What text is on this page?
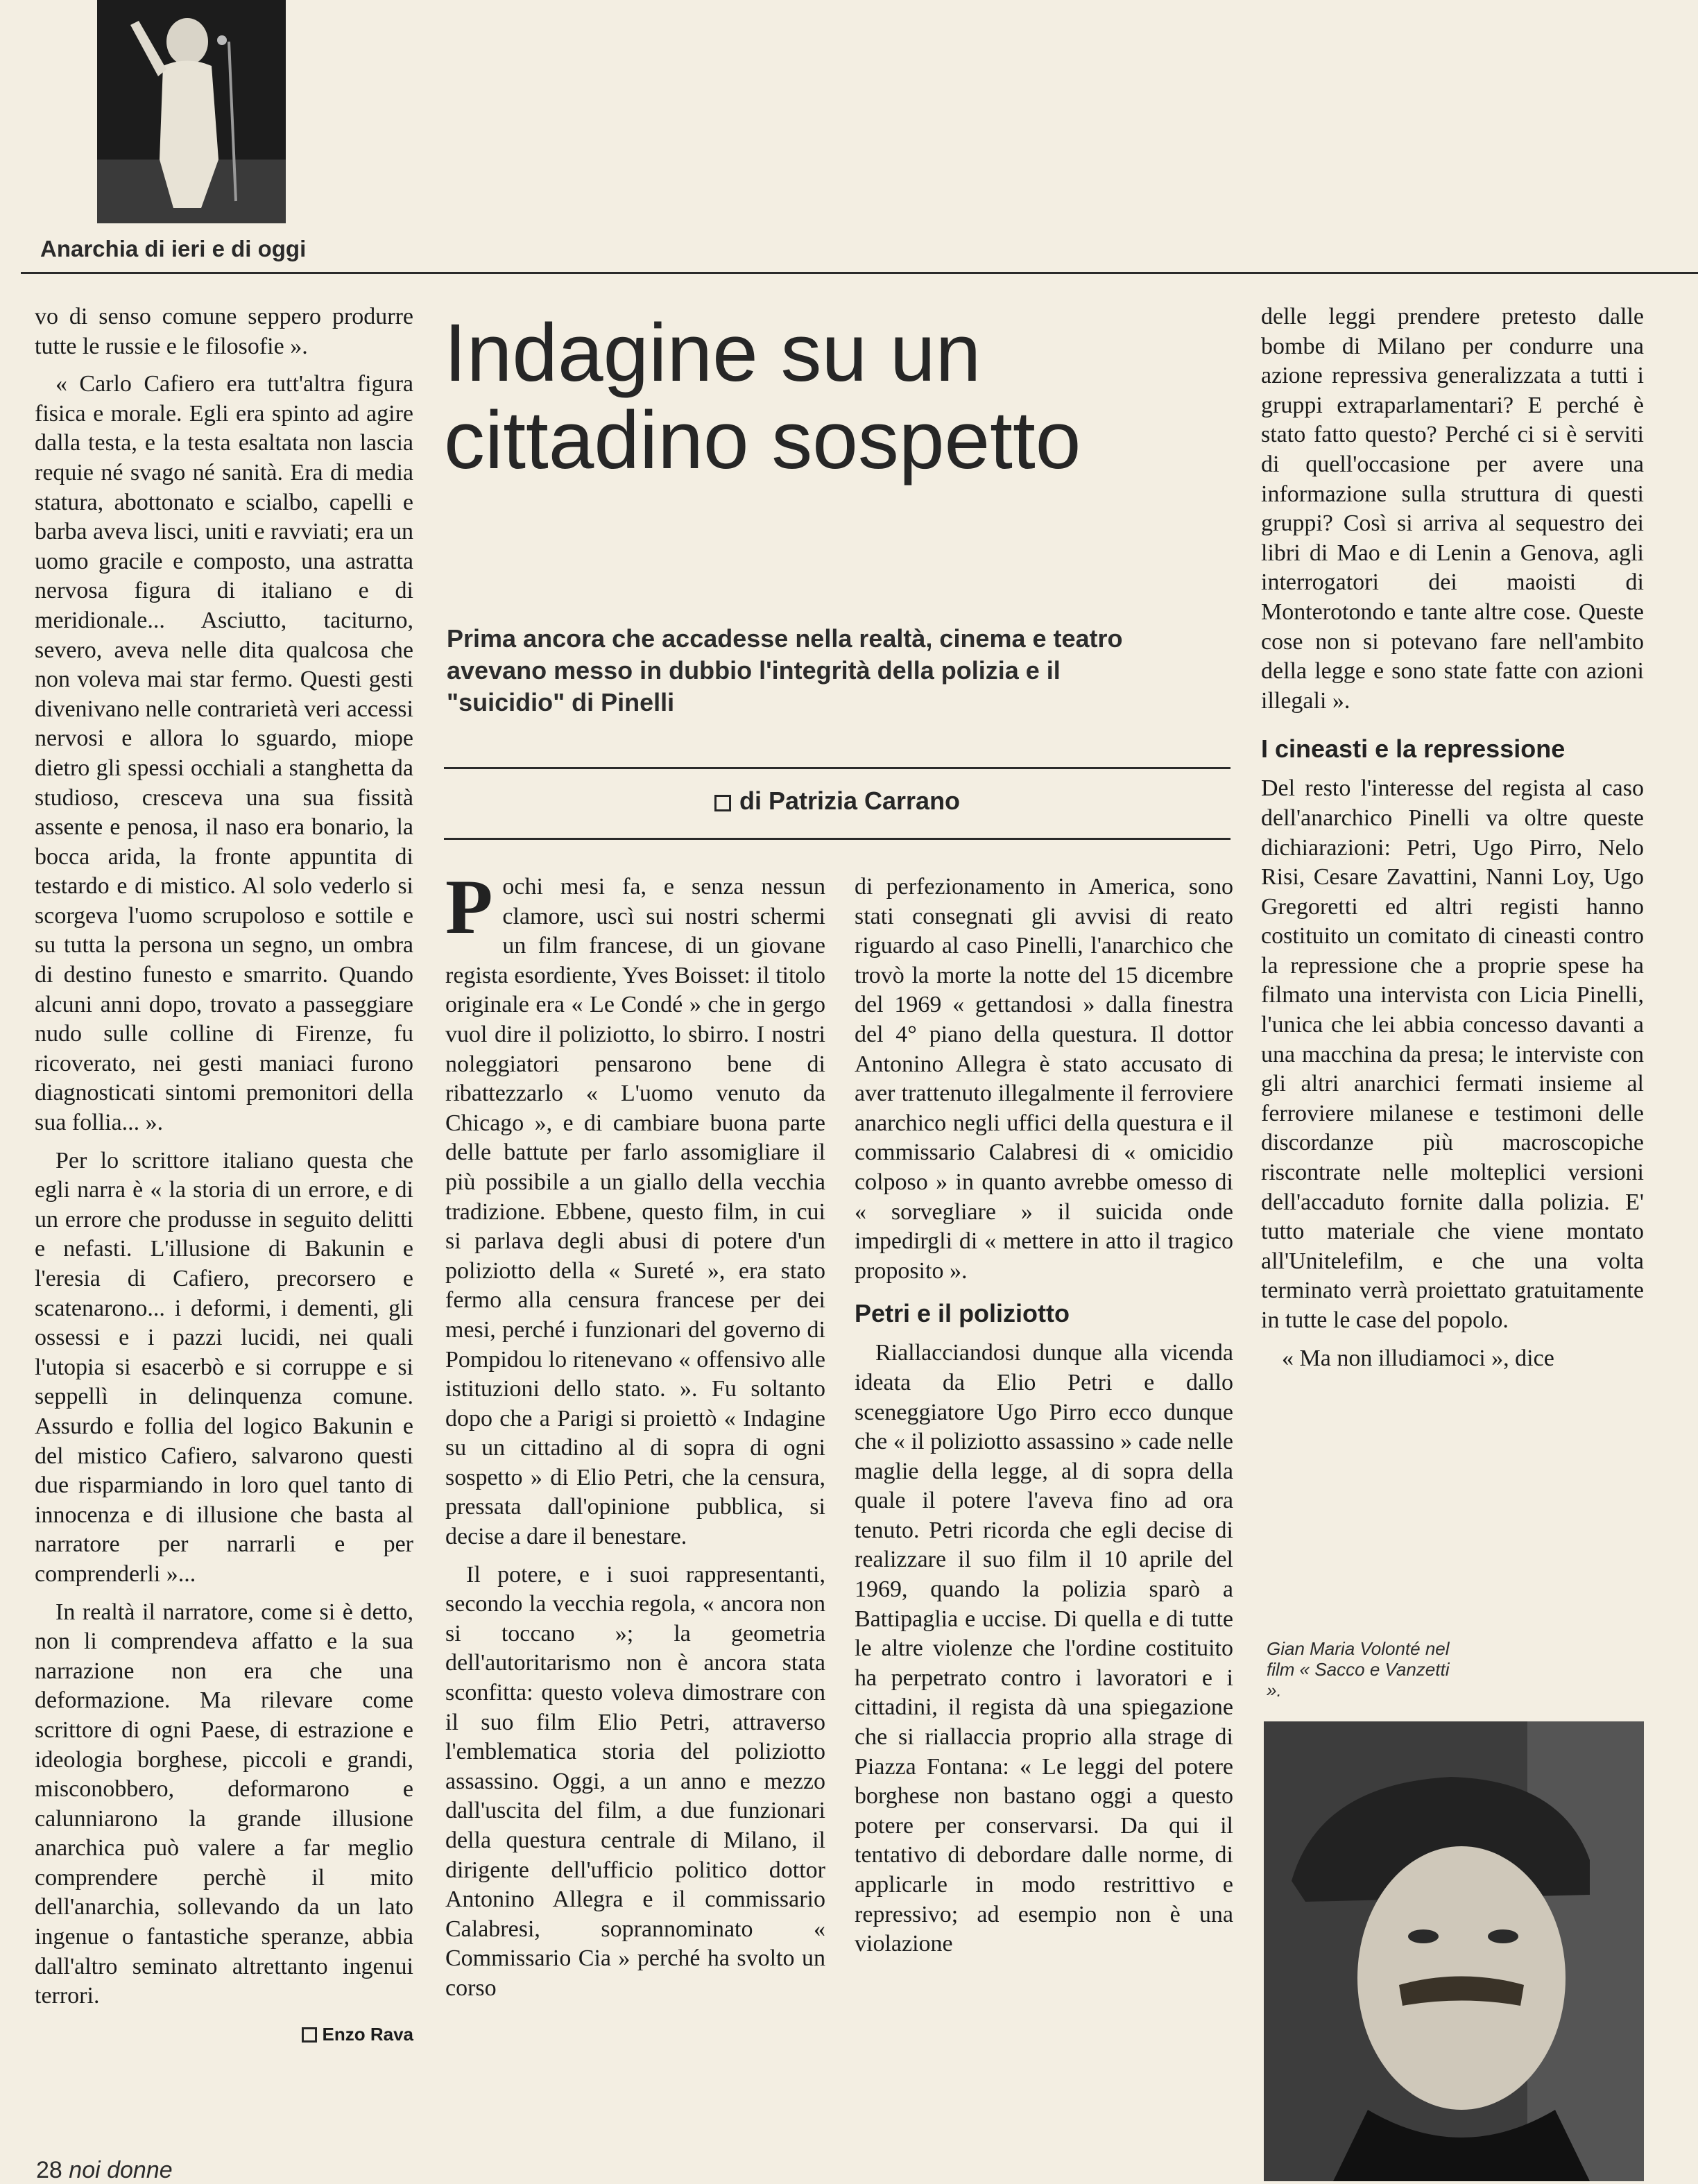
Anarchia di ieri e di oggi

vo di senso comune seppero produrre tutte le russie e le filosofie ».

« Carlo Cafiero era tutt'altra figura fisica e morale. Egli era spinto ad agire dalla testa, e la testa esaltata non lascia requie né svago né sanità. Era di media statura, abottonato e scialbo, capelli e barba aveva lisci, uniti e ravviati; era un uomo gracile e composto, una astratta nervosa figura di italiano e di meridionale... Asciutto, taciturno, severo, aveva nelle dita qualcosa che non voleva mai star fermo. Questi gesti divenivano nelle contrarietà veri accessi nervosi e allora lo sguardo, miope dietro gli spessi occhiali a stanghetta da studioso, cresceva una sua fissità assente e penosa, il naso era bonario, la bocca arida, la fronte appuntita di testardo e di mistico. Al solo vederlo si scorgeva l'uomo scrupoloso e sottile e su tutta la persona un segno, un ombra di destino funesto e smarrito. Quando alcuni anni dopo, trovato a passeggiare nudo sulle colline di Firenze, fu ricoverato, nei gesti maniaci furono diagnosticati sintomi premonitori della sua follia... ».

Per lo scrittore italiano questa che egli narra è « la storia di un errore, e di un errore che produsse in seguito delitti e nefasti. L'illusione di Bakunin e l'eresia di Cafiero, precorsero e scatenarono... i deformi, i dementi, gli ossessi e i pazzi lucidi, nei quali l'utopia si esacerbò e si corruppe e si seppellì in delinquenza comune. Assurdo e follia del logico Bakunin e del mistico Cafiero, salvarono questi due risparmiando in loro quel tanto di innocenza e di illusione che basta al narratore per narrarli e per comprenderli »...

In realtà il narratore, come si è detto, non li comprendeva affatto e la sua narrazione non era che una deformazione. Ma rilevare come scrittore di ogni Paese, di estrazione e ideologia borghese, piccoli e grandi, misconobbero, deformarono e calunniarono la grande illusione anarchica può valere a far meglio comprendere perchè il mito dell'anarchia, sollevando da un lato ingenue o fantastiche speranze, abbia dall'altro seminato altrettanto ingenui terrori.

Enzo Rava
Indagine su un cittadino sospetto
Prima ancora che accadesse nella realtà, cinema e teatro avevano messo in dubbio l'integrità della polizia e il "suicidio" di Pinelli
di Patrizia Carrano

Pochi mesi fa, e senza nessun clamore, uscì sui nostri schermi un film francese, di un giovane regista esordiente, Yves Boisset: il titolo originale era « Le Condé » che in gergo vuol dire il poliziotto, lo sbirro. I nostri noleggiatori pensarono bene di ribattezzarlo « L'uomo venuto da Chicago », e di cambiare buona parte delle battute per farlo assomigliare il più possibile a un giallo della vecchia tradizione. Ebbene, questo film, in cui si parlava degli abusi di potere d'un poliziotto della « Sureté », era stato fermo alla censura francese per dei mesi, perché i funzionari del governo di Pompidou lo ritenevano « offensivo alle istituzioni dello stato. ». Fu soltanto dopo che a Parigi si proiettò « Indagine su un cittadino al di sopra di ogni sospetto » di Elio Petri, che la censura, pressata dall'opinione pubblica, si decise a dare il benestare.

Il potere, e i suoi rappresentanti, secondo la vecchia regola, « ancora non si toccano »; la geometria dell'autoritarismo non è ancora stata sconfitta: questo voleva dimostrare con il suo film Elio Petri, attraverso l'emblematica storia del poliziotto assassino. Oggi, a un anno e mezzo dall'uscita del film, a due funzionari della questura centrale di Milano, il dirigente dell'ufficio politico dottor Antonino Allegra e il commissario Calabresi, soprannominato « Commissario Cia » perché ha svolto un corso

di perfezionamento in America, sono stati consegnati gli avvisi di reato riguardo al caso Pinelli, l'anarchico che trovò la morte la notte del 15 dicembre del 1969 « gettandosi » dalla finestra del 4° piano della questura. Il dottor Antonino Allegra è stato accusato di aver trattenuto illegalmente il ferroviere anarchico negli uffici della questura e il commissario Calabresi di « omicidio colposo » in quanto avrebbe omesso di « sorvegliare » il suicida onde impedirgli di « mettere in atto il tragico proposito ».

Petri e il poliziotto

Riallacciandosi dunque alla vicenda ideata da Elio Petri e dallo sceneggiatore Ugo Pirro ecco dunque che « il poliziotto assassino » cade nelle maglie della legge, al di sopra della quale il potere l'aveva fino ad ora tenuto. Petri ricorda che egli decise di realizzare il suo film il 10 aprile del 1969, quando la polizia sparò a Battipaglia e uccise. Di quella e di tutte le altre violenze che l'ordine costituito ha perpetrato contro i lavoratori e i cittadini, il regista dà una spiegazione che si riallaccia proprio alla strage di Piazza Fontana: « Le leggi del potere borghese non bastano oggi a questo potere per conservarsi. Da qui il tentativo di debordare dalle norme, di applicarle in modo restrittivo e repressivo; ad esempio non è una violazione

delle leggi prendere pretesto dalle bombe di Milano per condurre una azione repressiva generalizzata a tutti i gruppi extraparlamentari? E perché è stato fatto questo? Perché ci si è serviti di quell'occasione per avere una informazione sulla struttura di questi gruppi? Così si arriva al sequestro dei libri di Mao e di Lenin a Genova, agli interrogatori dei maoisti di Monterotondo e tante altre cose. Queste cose non si potevano fare nell'ambito della legge e sono state fatte con azioni illegali ».

I cineasti e la repressione

Del resto l'interesse del regista al caso dell'anarchico Pinelli va oltre queste dichiarazioni: Petri, Ugo Pirro, Nelo Risi, Cesare Zavattini, Nanni Loy, Ugo Gregoretti ed altri registi hanno costituito un comitato di cineasti contro la repressione che a proprie spese ha filmato una intervista con Licia Pinelli, l'unica che lei abbia concesso davanti a una macchina da presa; le interviste con gli altri anarchici fermati insieme al ferroviere milanese e testimoni delle discordanze più macroscopiche riscontrate nelle molteplici versioni dell'accaduto fornite dalla polizia. E' tutto materiale che viene montato all'Unitelefilm, e che una volta terminato verrà proiettato gratuitamente in tutte le case del popolo.

« Ma non illudiamoci », dice

Gian Maria Volonté nel film « Sacco e Vanzetti ».
28 noi donne
